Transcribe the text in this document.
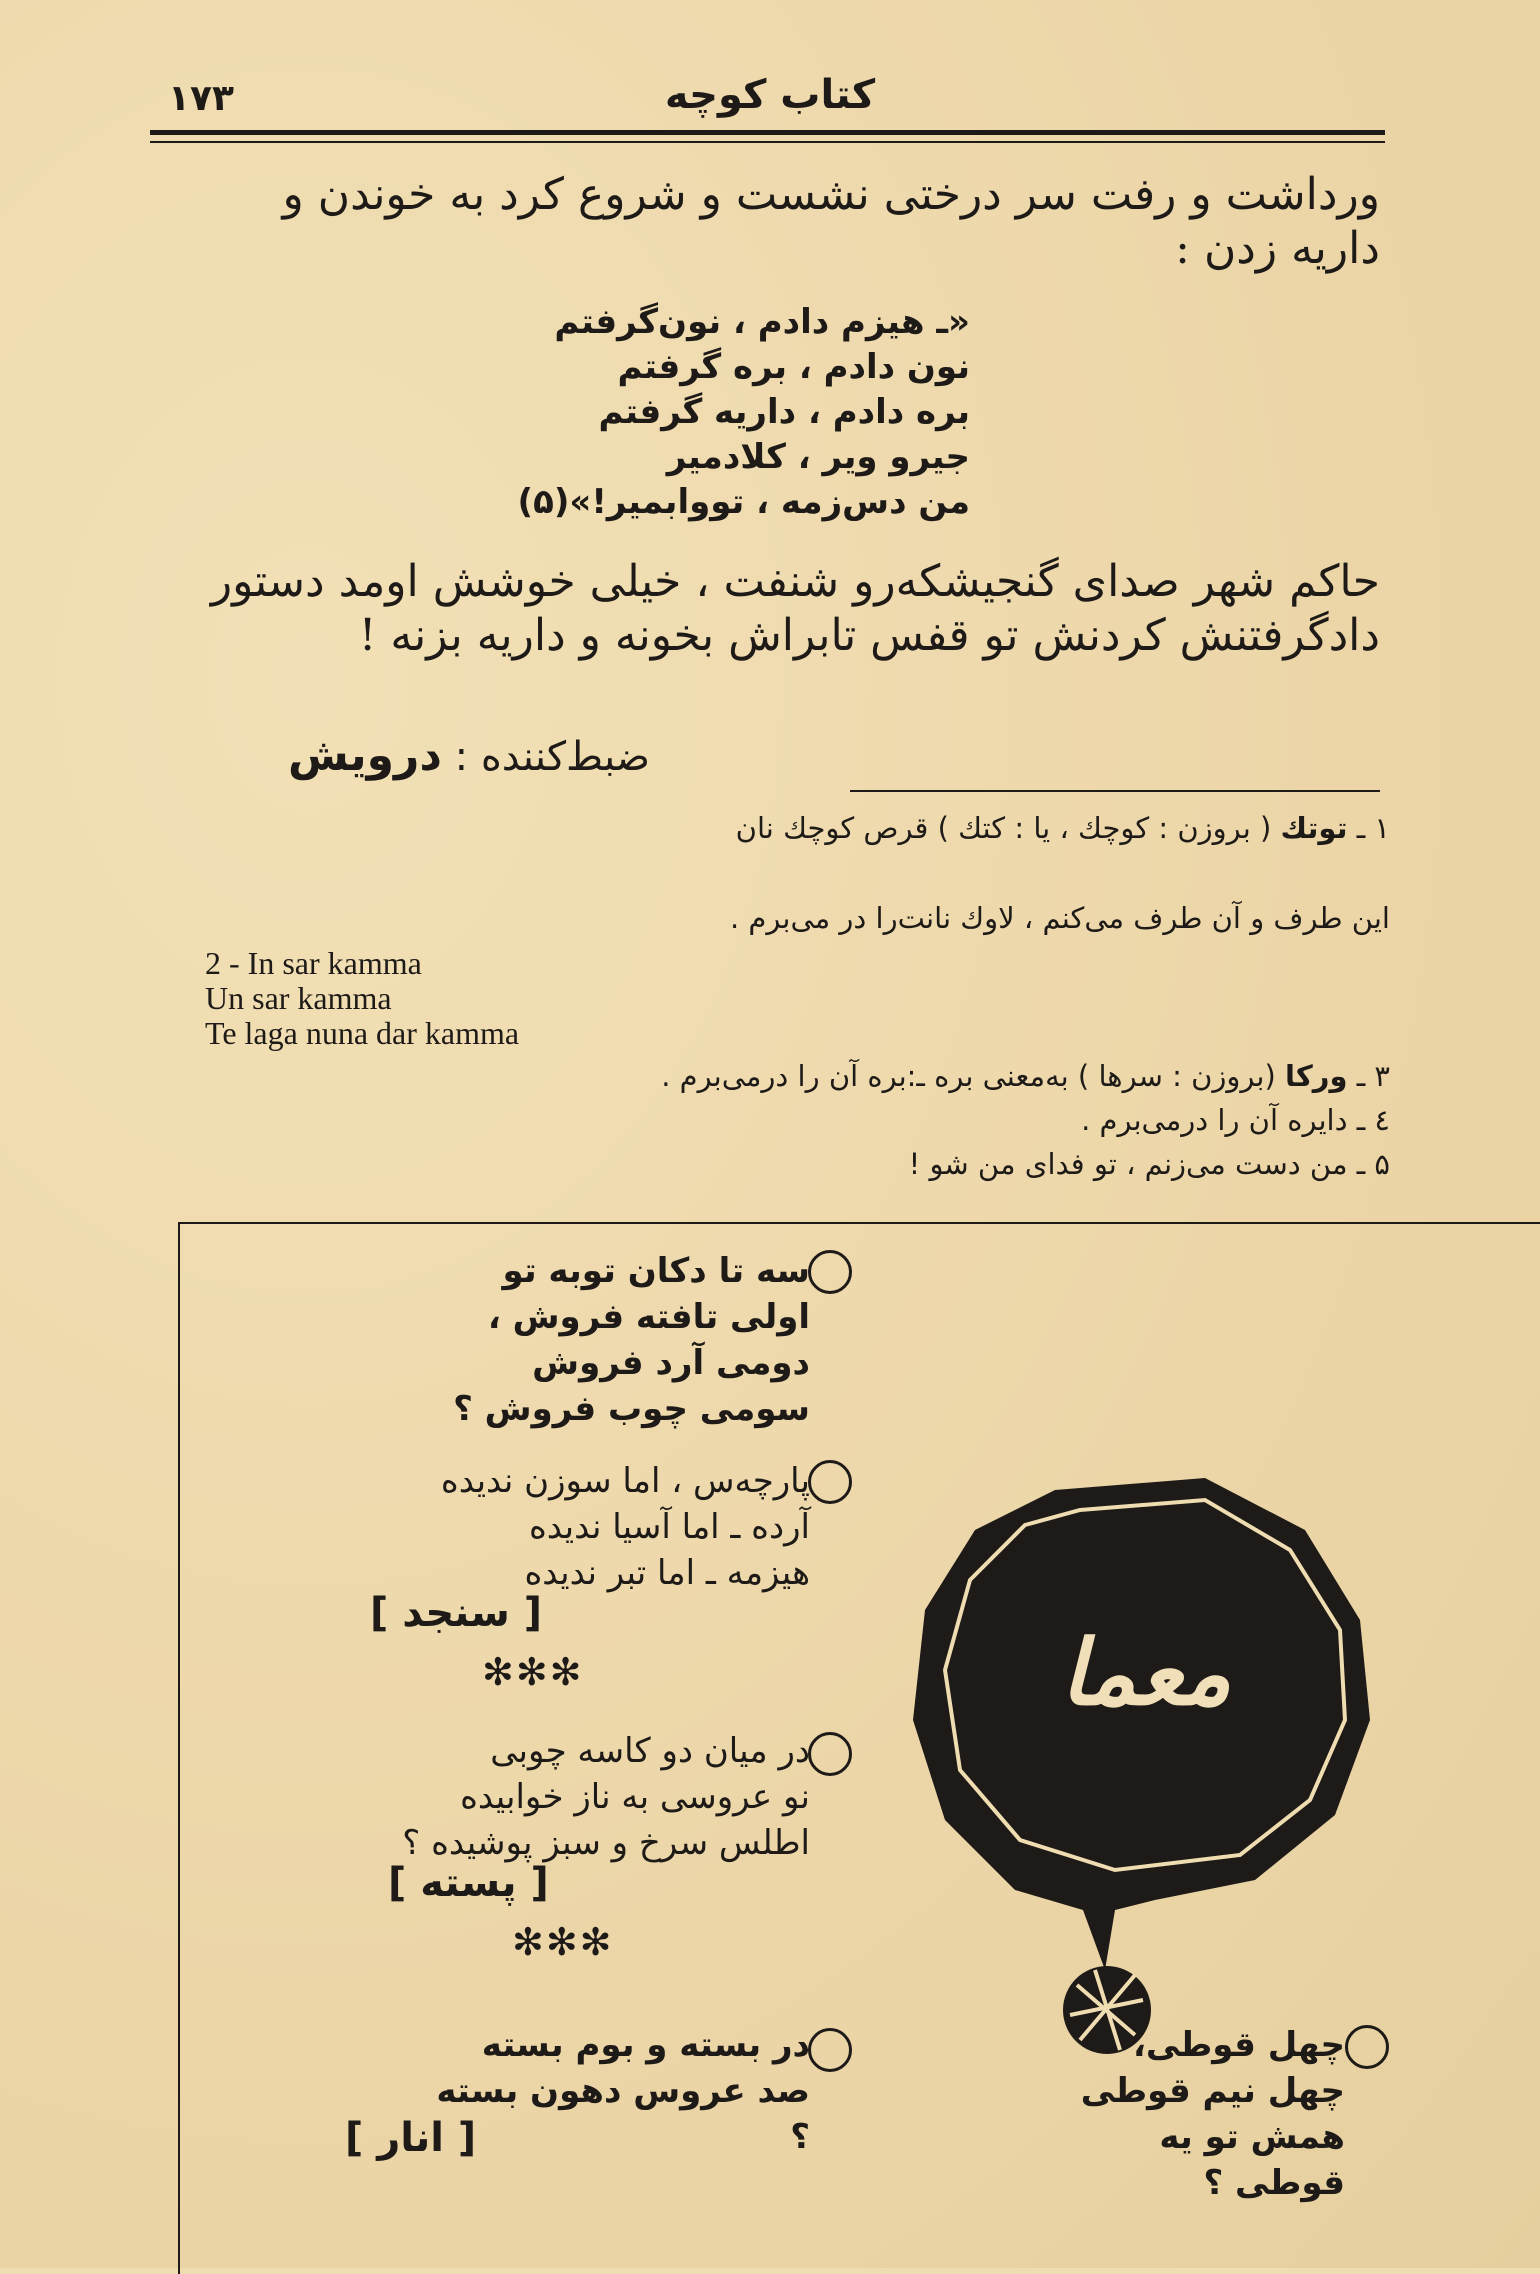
کتاب کوچه
۱۷۳
ورداشت و رفت سر درختی نشست و شروع کرد به خوندن و داریه زدن :
«ـ هیزم دادم ، نون‌گرفتم
نون دادم ، بره گرفتم
بره دادم ، داریه گرفتم
جیرو ویر ، کلادمیر
من دس‌زمه ، تووابمیر!»(۵)
حاکم شهر صدای گنجیشکه‌رو شنفت ، خیلی خوشش اومد دستور دادگرفتنش کردنش تو قفس تابراش بخونه و داریه بزنه !
ضبط‌کننده : درویش
۱ ـ توتك ( بروزن : کوچك ، یا : کتك ) قرص کوچك نان
این طرف و آن طرف می‌کنم ، لاوك نانت‌را در می‌برم .
2 - In sar kamma
Un sar kamma
Te laga nuna dar kamma
۳ ـ ورکا (بروزن : سرها ) به‌معنی بره ـ:بره آن را درمی‌برم .
٤ ـ دایره آن را درمی‌برم .
۵ ـ من دست می‌زنم ، تو فدای من شو !
سه تا دکان توبه تو
اولی تافته فروش ،
دومی آرد فروش
سومی چوب فروش ؟
پارچه‌س ، اما سوزن ندیده
آرده ـ اما آسیا ندیده
هیزمه ـ اما تبر ندیده
[ سنجد ]
✻✻✻
در میان دو کاسه چوبی
نو عروسی به ناز خوابیده
اطلس سرخ و سبز پوشیده ؟
[ پسته ]
✻✻✻
در بسته و بوم بسته
صد عروس دهون بسته ؟
[ انار ]
معما
چهل قوطی،
چهل نیم قوطی
همش تو یه قوطی ؟
